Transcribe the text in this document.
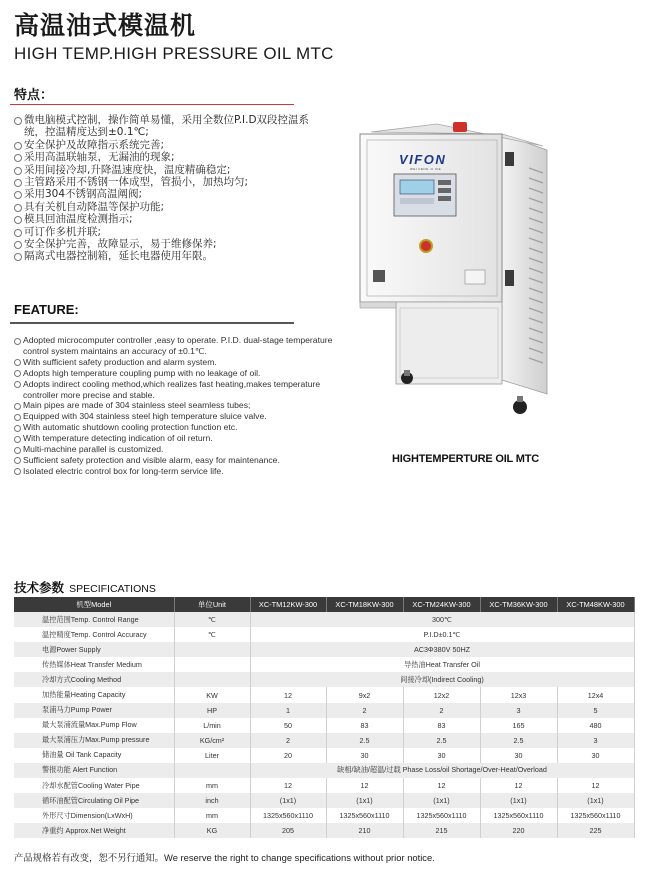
高温油式模温机
HIGH TEMP.HIGH PRESSURE OIL MTC
特点：
微电脑模式控制，操作简单易懂，采用全数位P.I.D双段控温系统，控温精度达到±0.1℃;
安全保护及故障指示系统完善;
采用高温联轴泵，无漏油的现象;
采用间接冷却,升降温速度快，温度精确稳定;
主管路采用不锈钢一体成型，管损小，加热均匀;
采用304不锈钢高温阐阀;
具有关机自动降温等保护功能;
模具回油温度检测指示;
可订作多机并联;
安全保护完善，故障显示，易于维修保养;
隔离式电器控制箱，延长电器使用年限。
FEATURE:
Adopted microcomputer controller ,easy to operate. P.I.D. dual-stage temperature control system maintains an accuracy of ±0.1℃.
With sufficient safety production and alarm system.
Adopts high temperature coupling pump with no leakage of oil.
Adopts indirect cooling method,which realizes fast heating,makes temperature controller more precise and stable.
Main pipes are made of 304 stainless steel seamless tubes;
Equipped with 304 stainless steel high temperature sluice valve.
With automatic shutdown cooling protection function etc.
With temperature detecting indication of oil return.
Multi-machine parallel is customized.
Sufficient safety protection and visible alarm, easy for maintenance.
Isolated electric control box for long-term service life.
VIFON
WEI FENG JI XIE
HIGHTEMPERTURE OIL MTC
技术参数 SPECIFICATIONS
机型Model	单位Unit	XC-TM12KW-300	XC-TM18KW-300	XC-TM24KW-300	XC-TM36KW-300	XC-TM48KW-300
温控范围Temp. Control Range	℃	300℃				
温控精度Temp. Control Accuracy	℃	P.I.D±0.1℃				
电源Power Supply		AC3Φ380V 50HZ				
传热媒体Heat Transfer Medium		导热油Heat Transfer Oil				
冷却方式Cooling Method		间接冷却(Indirect Cooling)				
加热能量Heating Capacity	KW	12	9x2	12x2	12x3	12x4
泵浦马力Pump Power	HP	1	2	2	3	5
最大泵浦流量Max.Pump Flow	L/min	50	83	83	165	480
最大泵浦压力Max.Pump pressure	KG/cm²	2	2.5	2.5	2.5	3
储油量 Oil Tank Capacity	Liter	20	30	30	30	30
警报功能 Alert Function		缺相/缺油/超温/过载 Phase Loss/oil Shortage/Over-Heat/Overload				
冷却水配管Cooling Water Pipe	mm	12	12	12	12	12
循环油配管Circulating Oil Pipe	inch	(1x1)	(1x1)	(1x1)	(1x1)	(1x1)
外形尺寸Dimension(LxWxH)	mm	1325x560x1110	1325x560x1110	1325x560x1110	1325x560x1110	1325x560x1110
净重约 Approx.Net Weight	KG	205	210	215	220	225
产品规格若有改变，恕不另行通知。We reserve the right to change specifications without prior notice.
